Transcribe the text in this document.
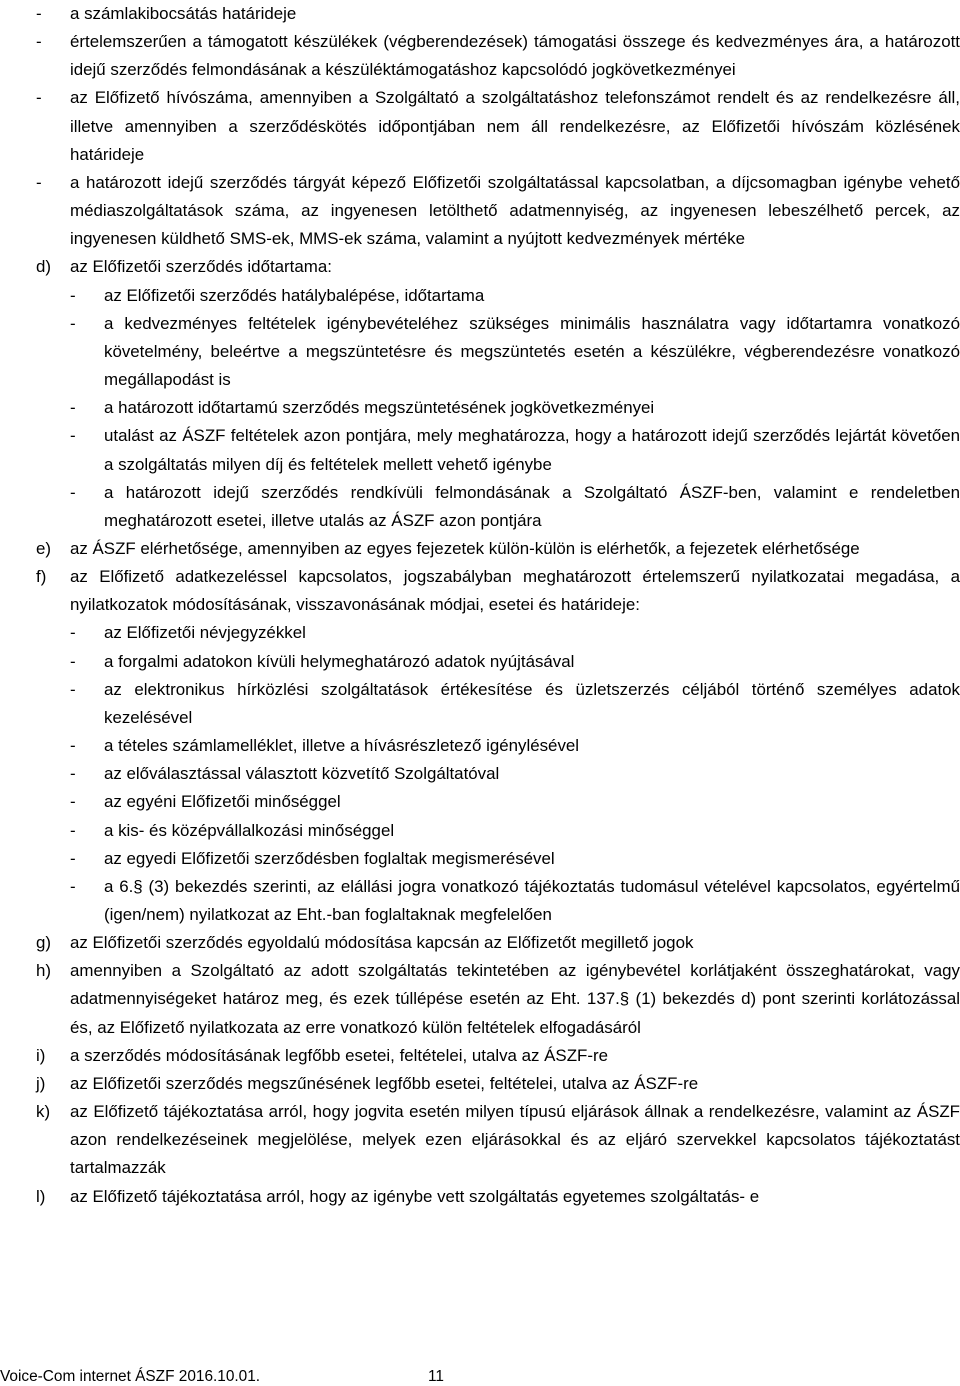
-	a számlakibocsátás határideje
-	értelemszerűen a támogatott készülékek (végberendezések) támogatási összege és kedvezményes ára, a határozott idejű szerződés felmondásának a készüléktámogatáshoz kapcsolódó jogkövetkezményei
-	az Előfizető hívószáma, amennyiben a Szolgáltató a szolgáltatáshoz telefonszámot rendelt és az rendelkezésre áll, illetve amennyiben a szerződéskötés időpontjában nem áll rendelkezésre, az Előfizetői hívószám közlésének határideje
-	a határozott idejű szerződés tárgyát képező Előfizetői szolgáltatással kapcsolatban, a díjcsomagban igénybe vehető médiaszolgáltatások száma, az ingyenesen letölthető adatmennyiség, az ingyenesen lebeszélhető percek, az ingyenesen küldhető SMS-ek, MMS-ek száma, valamint a nyújtott kedvezmények mértéke
d)	az Előfizetői szerződés időtartama:
-	az Előfizetői szerződés hatálybalépése, időtartama
-	a kedvezményes feltételek igénybevételéhez szükséges minimális használatra vagy időtartamra vonatkozó követelmény, beleértve a megszüntetésre és megszüntetés esetén a készülékre, végberendezésre vonatkozó megállapodást is
-	a határozott időtartamú szerződés megszüntetésének jogkövetkezményei
-	utalást az ÁSZF feltételek azon pontjára, mely meghatározza, hogy a határozott idejű szerződés lejártát követően a szolgáltatás milyen díj és feltételek mellett vehető igénybe
-	a határozott idejű szerződés rendkívüli felmondásának a Szolgáltató ÁSZF-ben, valamint e rendeletben meghatározott esetei, illetve utalás az ÁSZF azon pontjára
e)	az ÁSZF elérhetősége, amennyiben az egyes fejezetek külön-külön is elérhetők, a fejezetek elérhetősége
f)	az Előfizető adatkezeléssel kapcsolatos, jogszabályban meghatározott értelemszerű nyilatkozatai megadása, a nyilatkozatok módosításának, visszavonásának módjai, esetei és határideje:
-	az Előfizetői névjegyzékkel
-	a forgalmi adatokon kívüli helymeghatározó adatok nyújtásával
-	az elektronikus hírközlési szolgáltatások értékesítése és üzletszerzés céljából történő személyes adatok kezelésével
-	a tételes számlamelléklet, illetve a hívásrészletező igénylésével
-	az előválasztással választott közvetítő Szolgáltatóval
-	az egyéni Előfizetői minőséggel
-	a kis- és középvállalkozási minőséggel
-	az egyedi Előfizetői szerződésben foglaltak megismerésével
-	a 6.§ (3) bekezdés szerinti, az elállási jogra vonatkozó tájékoztatás tudomásul vételével kapcsolatos, egyértelmű (igen/nem) nyilatkozat az Eht.-ban foglaltaknak megfelelően
g)	az Előfizetői szerződés egyoldalú módosítása kapcsán az Előfizetőt megillető jogok
h)	amennyiben a Szolgáltató az adott szolgáltatás tekintetében az igénybevétel korlátjaként összeghatárokat, vagy adatmennyiségeket határoz meg, és ezek túllépése esetén az Eht. 137.§ (1) bekezdés d) pont szerinti korlátozással és, az Előfizető nyilatkozata az erre vonatkozó külön feltételek elfogadásáról
i)	a szerződés módosításának legfőbb esetei, feltételei, utalva az ÁSZF-re
j)	az Előfizetői szerződés megszűnésének legfőbb esetei, feltételei, utalva az ÁSZF-re
k)	az Előfizető tájékoztatása arról, hogy jogvita esetén milyen típusú eljárások állnak a rendelkezésre, valamint az ÁSZF azon rendelkezéseinek megjelölése, melyek ezen eljárásokkal és az eljáró szervekkel kapcsolatos tájékoztatást tartalmazzák
l)	az Előfizető tájékoztatása arról, hogy az igénybe vett szolgáltatás egyetemes szolgáltatás- e
Voice-Com internet ÁSZF 2016.10.01.	11
